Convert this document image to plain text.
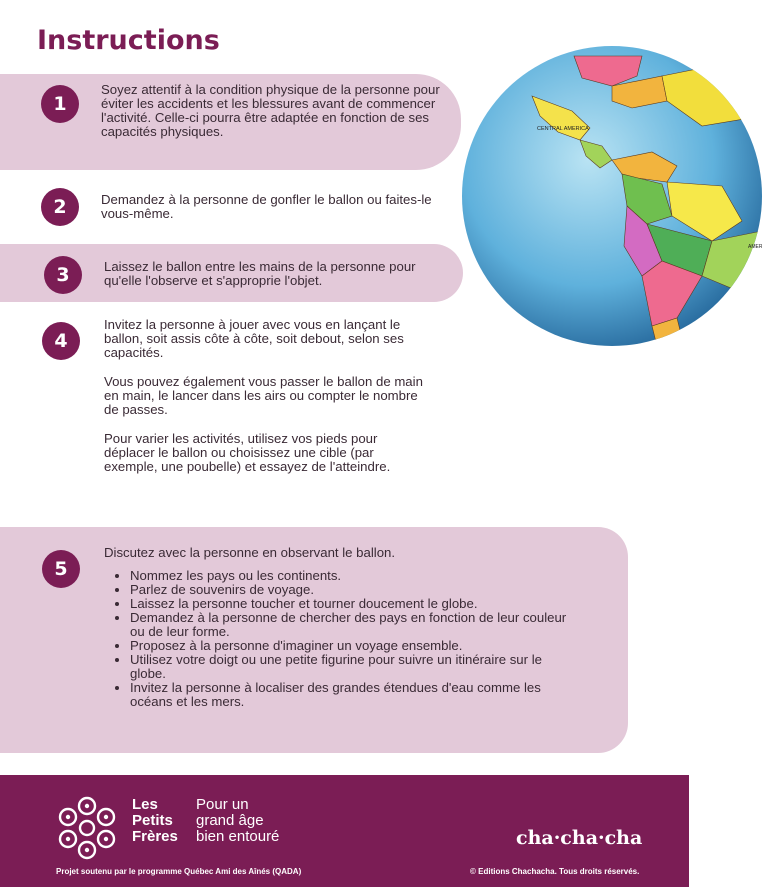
Instructions
CENTRAL AMERICA
AMER
1
Soyez attentif à la condition physique de la personne pour éviter les accidents et les blessures avant de commencer l'activité. Celle-ci pourra être adaptée en fonction de ses capacités physiques.
2	Demandez à la personne de gonfler le ballon ou faites-le vous-même.
3	Laissez le ballon entre les mains de la personne pour qu'elle l'observe et s'approprie l'objet.
4

Invitez la personne à jouer avec vous en lançant le ballon, soit assis côte à côte, soit debout, selon ses capacités.

Vous pouvez également vous passer le ballon de main en main, le lancer dans les airs ou compter le nombre de passes.

Pour varier les activités, utilisez vos pieds pour déplacer le ballon ou choisissez une cible (par exemple, une poubelle) et essayez de l'atteindre.

5

Discutez avec la personne en observant le ballon.

• Nommez les pays ou les continents.
• Parlez de souvenirs de voyage.
• Laissez la personne toucher et tourner doucement le globe.
• Demandez à la personne de chercher des pays en fonction de leur couleur ou de leur forme.
• Proposez à la personne d'imaginer un voyage ensemble.
• Utilisez votre doigt ou une petite figurine pour suivre un itinéraire sur le globe.
• Invitez la personne à localiser des grandes étendues d'eau comme les océans et les mers.
Les
Petits
Frères
Pour un
grand âge
bien entouré
Projet soutenu par le programme Québec Ami des Aînés (QADA)
cha·cha·cha
© Editions Chachacha. Tous droits réservés.
